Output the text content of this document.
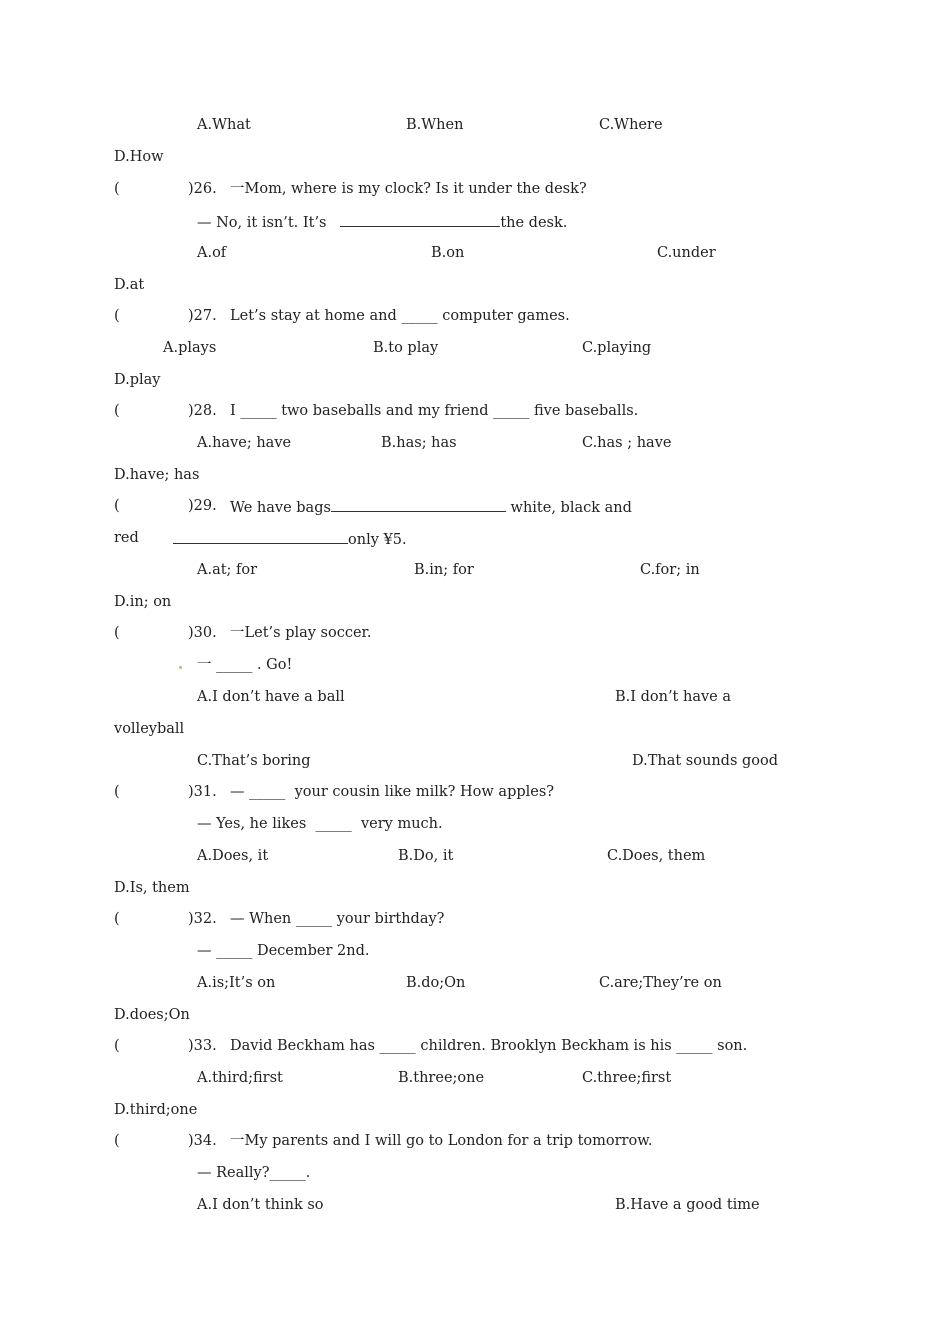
A.What	B.When	C.Where
D.How
(	)26. 一Mom, where is my clock? Is it under the desk?
— No, it isn’t. It’s	the desk.
A.of	B.on	C.under
D.at
(	)27. Let’s stay at home and _____ computer games.
A.plays	B.to play	C.playing
D.play
(	)28. I _____ two baseballs and my friend _____ five baseballs.
A.have; have	B.has; has	C.has ; have
D.have; has
(	)29. We have bags	white, black and
red	only ¥5.
A.at; for	B.in; for	C.for; in
D.in; on
(	)30. 一Let’s play soccer.
一 _____ . Go!
A.I don’t have a ball	B.I don’t have a
volleyball
C.That’s boring	D.That sounds good
(	)31. — _____  your cousin like milk? How apples?
— Yes, he likes  _____  very much.
A.Does, it	B.Do, it	C.Does, them
D.Is, them
(	)32. — When _____ your birthday?
— _____ December 2nd.
A.is;It’s on	B.do;On	C.are;They’re on
D.does;On
(	)33. David Beckham has _____ children. Brooklyn Beckham is his _____ son.
A.third;first	B.three;one	C.three;first
D.third;one
(	)34. 一My parents and I will go to London for a trip tomorrow.
— Really?_____.
A.I don’t think so	B.Have a good time
